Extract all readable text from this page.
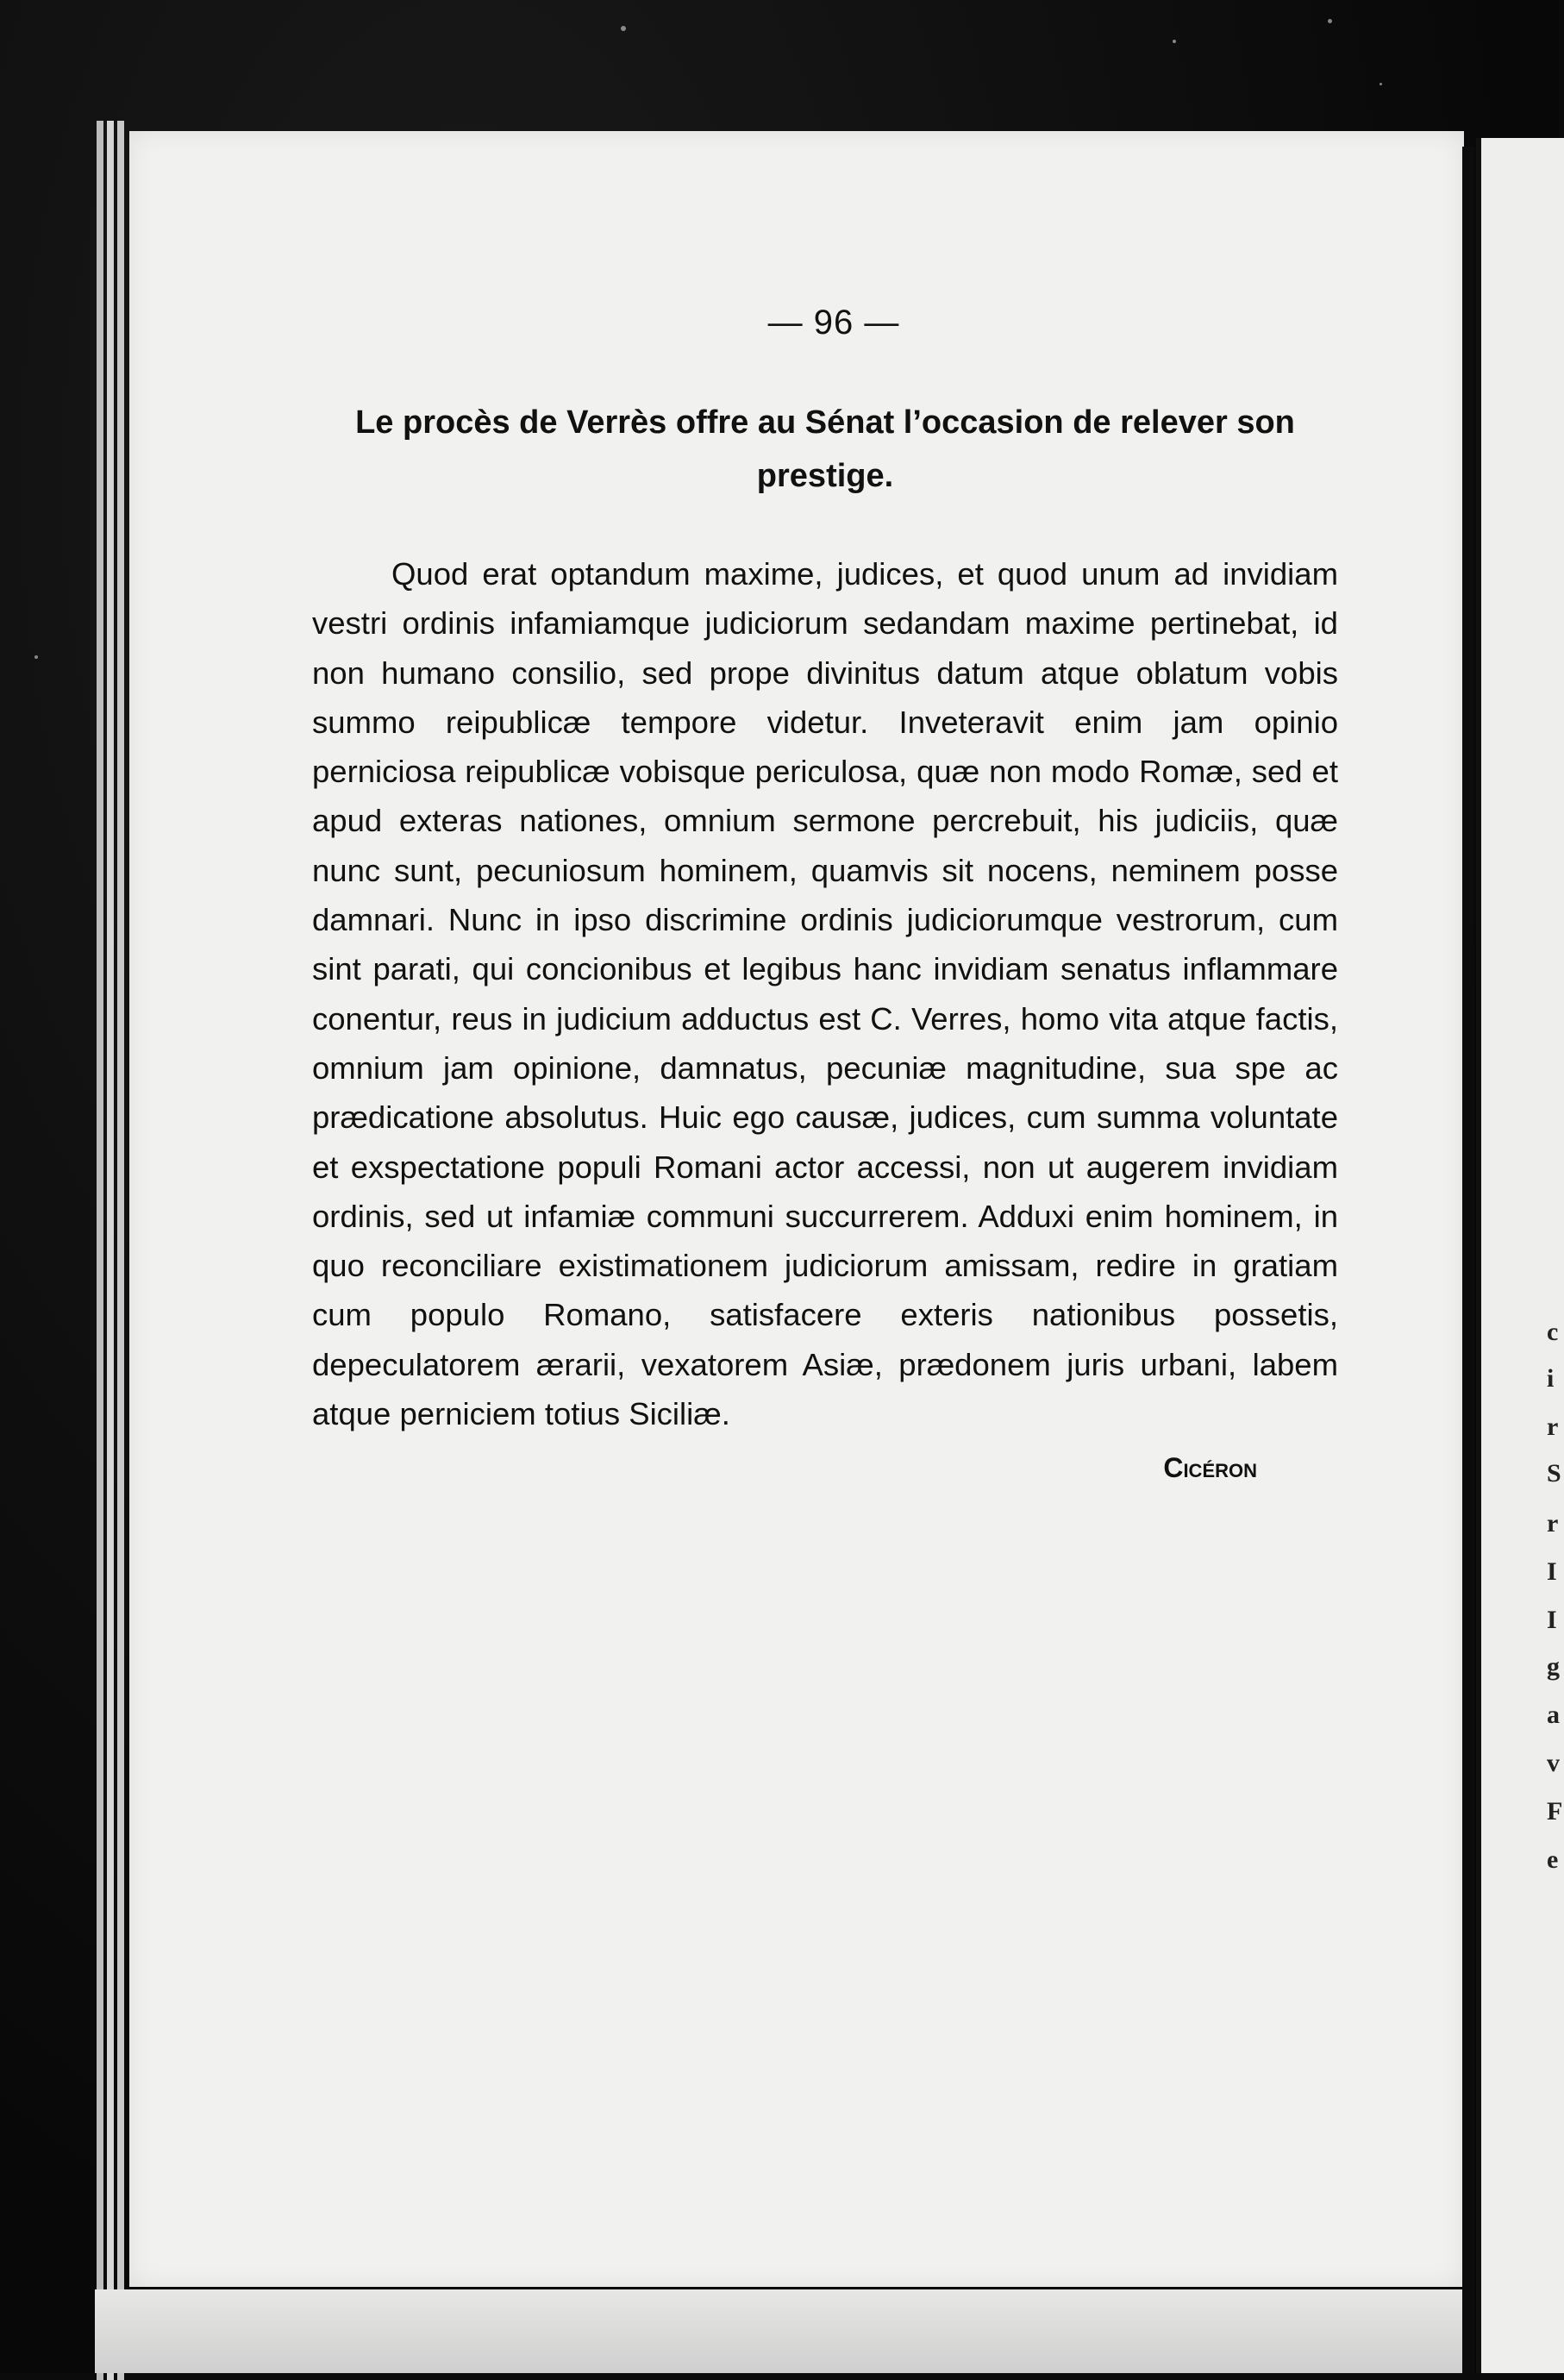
c
i
r
S
r
I
I
g
a
v
F
e
— 96 —
Le procès de Verrès offre au Sénat l’occasion de relever son prestige.

Quod erat optandum maxime, judices, et quod unum ad invidiam vestri ordinis infamiamque judiciorum sedandam maxime pertinebat, id non humano consilio, sed prope divinitus datum atque oblatum vobis summo reipublicæ tempore videtur. Inveteravit enim jam opinio perniciosa reipublicæ vobisque periculosa, quæ non modo Romæ, sed et apud exteras nationes, omnium sermone percrebuit, his judiciis, quæ nunc sunt, pecuniosum hominem, quamvis sit nocens, neminem posse damnari. Nunc in ipso discrimine ordinis judiciorumque vestrorum, cum sint parati, qui concionibus et legibus hanc invidiam senatus inflammare conentur, reus in judicium adductus est C. Verres, homo vita atque factis, omnium jam opinione, damnatus, pecuniæ magnitudine, sua spe ac prædicatione absolutus. Huic ego causæ, judices, cum summa voluntate et exspectatione populi Romani actor accessi, non ut augerem invidiam ordinis, sed ut infamiæ communi succurrerem. Adduxi enim hominem, in quo reconciliare existimationem judiciorum amissam, redire in gratiam cum populo Romano, satisfacere exteris nationibus possetis, depeculatorem ærarii, vexatorem Asiæ, prædonem juris urbani, labem atque perniciem totius Siciliæ.

Cicéron
